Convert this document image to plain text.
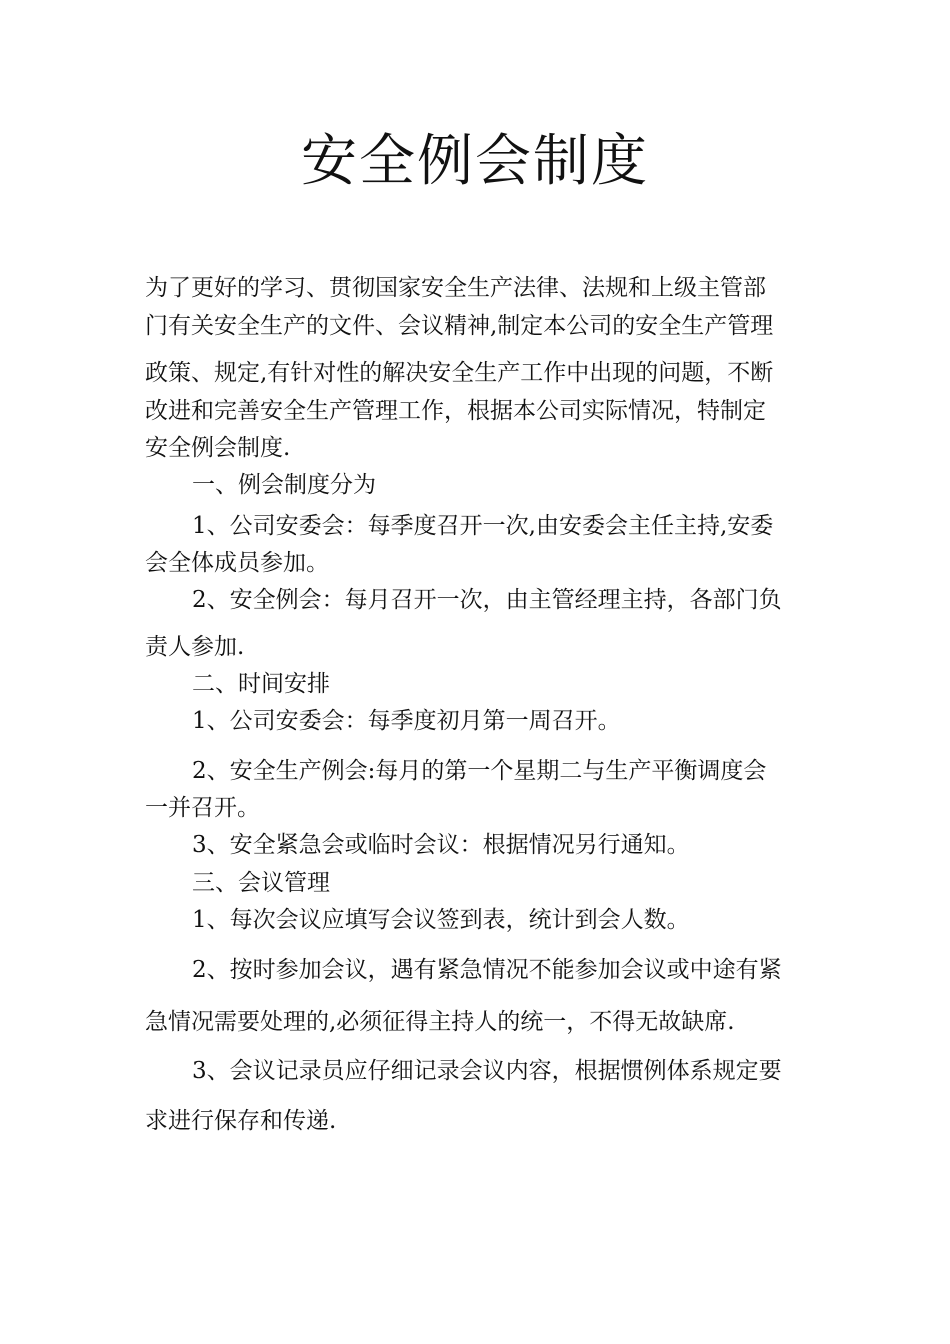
安全例会制度

为了更好的学习、贯彻国家安全生产法律、法规和上级主管部

门有关安全生产的文件、会议精神,制定本公司的安全生产管理

政策、规定,有针对性的解决安全生产工作中出现的问题，不断

改进和完善安全生产管理工作，根据本公司实际情况，特制定

安全例会制度.

一、例会制度分为

1、公司安委会：每季度召开一次,由安委会主任主持,安委

会全体成员参加。

2、安全例会：每月召开一次，由主管经理主持，各部门负

责人参加.

二、时间安排

1、公司安委会：每季度初月第一周召开。

2、安全生产例会:每月的第一个星期二与生产平衡调度会

一并召开。

3、安全紧急会或临时会议：根据情况另行通知。

三、会议管理

1、每次会议应填写会议签到表，统计到会人数。

2、按时参加会议，遇有紧急情况不能参加会议或中途有紧

急情况需要处理的,必须征得主持人的统一，不得无故缺席.

3、会议记录员应仔细记录会议内容，根据惯例体系规定要

求进行保存和传递.
